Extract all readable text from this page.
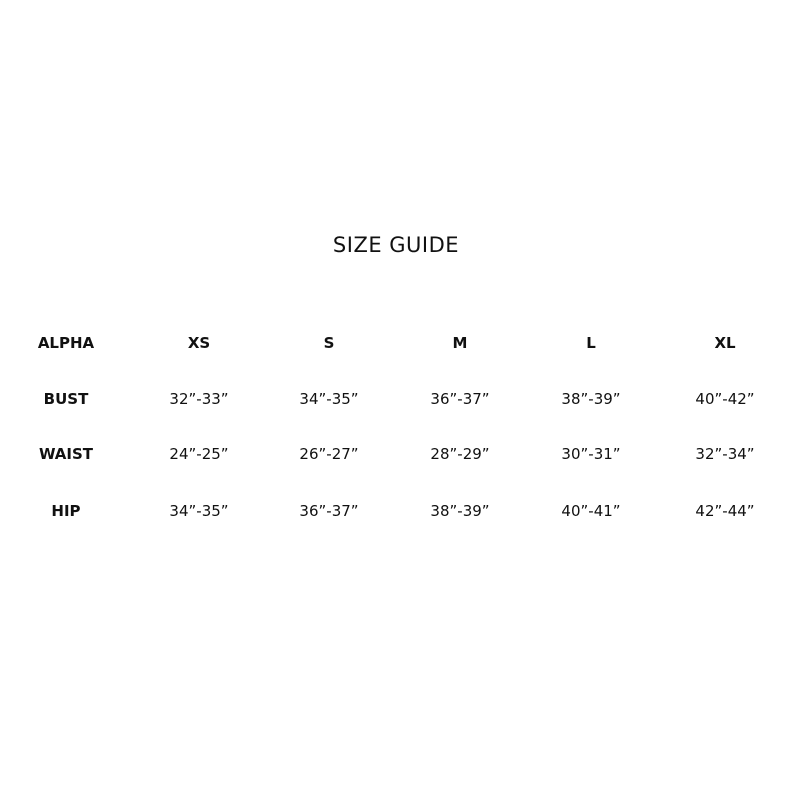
SIZE GUIDE
ALPHA	XS	S	M	L	XL
BUST	32”-33”	34”-35”	36”-37”	38”-39”	40”-42”
WAIST	24”-25”	26”-27”	28”-29”	30”-31”	32”-34”
HIP	34”-35”	36”-37”	38”-39”	40”-41”	42”-44”
